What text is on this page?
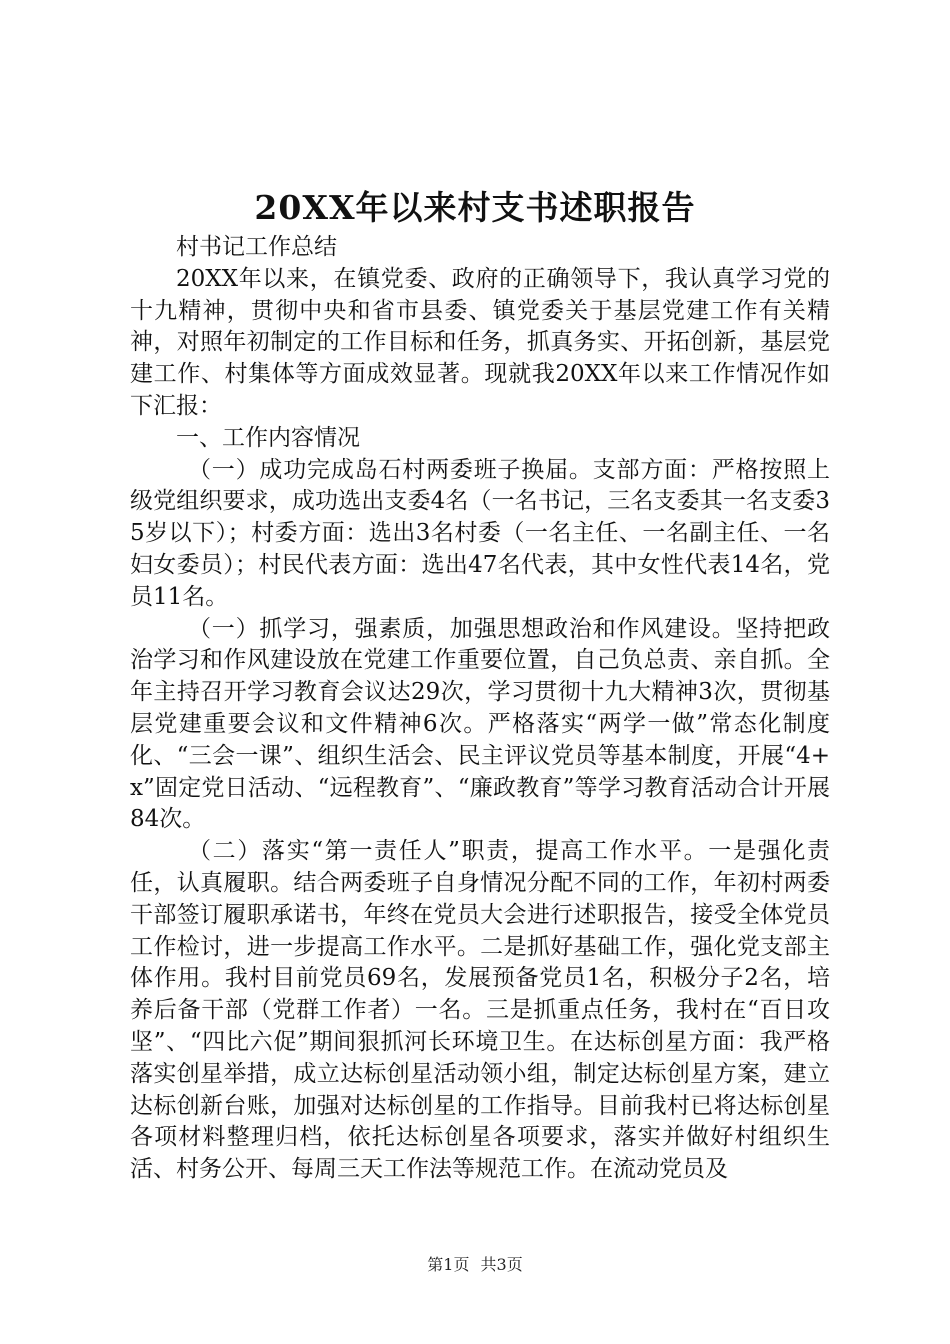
20XX年以来村支书述职报告

村书记工作总结

20XX年以来，在镇党委、政府的正确领导下，我认真学习党的十九精神，贯彻中央和省市县委、镇党委关于基层党建工作有关精神，对照年初制定的工作目标和任务，抓真务实、开拓创新，基层党建工作、村集体等方面成效显著。现就我20XX年以来工作情况作如下汇报：

一、工作内容情况

（一）成功完成岛石村两委班子换届。支部方面：严格按照上级党组织要求，成功选出支委4名（一名书记，三名支委其一名支委35岁以下）；村委方面：选出3名村委（一名主任、一名副主任、一名妇女委员）；村民代表方面：选出47名代表，其中女性代表14名，党员11名。

（一）抓学习，强素质，加强思想政治和作风建设。坚持把政治学习和作风建设放在党建工作重要位置，自己负总责、亲自抓。全年主持召开学习教育会议达29次，学习贯彻十九大精神3次，贯彻基层党建重要会议和文件精神6次。严格落实“两学一做”常态化制度化、“三会一课”、组织生活会、民主评议党员等基本制度，开展“4+x”固定党日活动、“远程教育”、“廉政教育”等学习教育活动合计开展84次。

（二）落实“第一责任人”职责，提高工作水平。一是强化责任，认真履职。结合两委班子自身情况分配不同的工作，年初村两委干部签订履职承诺书，年终在党员大会进行述职报告，接受全体党员工作检讨，进一步提高工作水平。二是抓好基础工作，强化党支部主体作用。我村目前党员69名，发展预备党员1名，积极分子2名，培养后备干部（党群工作者）一名。三是抓重点任务，我村在“百日攻坚”、“四比六促”期间狠抓河长环境卫生。在达标创星方面：我严格落实创星举措，成立达标创星活动领小组，制定达标创星方案，建立达标创新台账，加强对达标创星的工作指导。目前我村已将达标创星各项材料整理归档，依托达标创星各项要求，落实并做好村组织生活、村务公开、每周三天工作法等规范工作。在流动党员及

第1页 共3页
